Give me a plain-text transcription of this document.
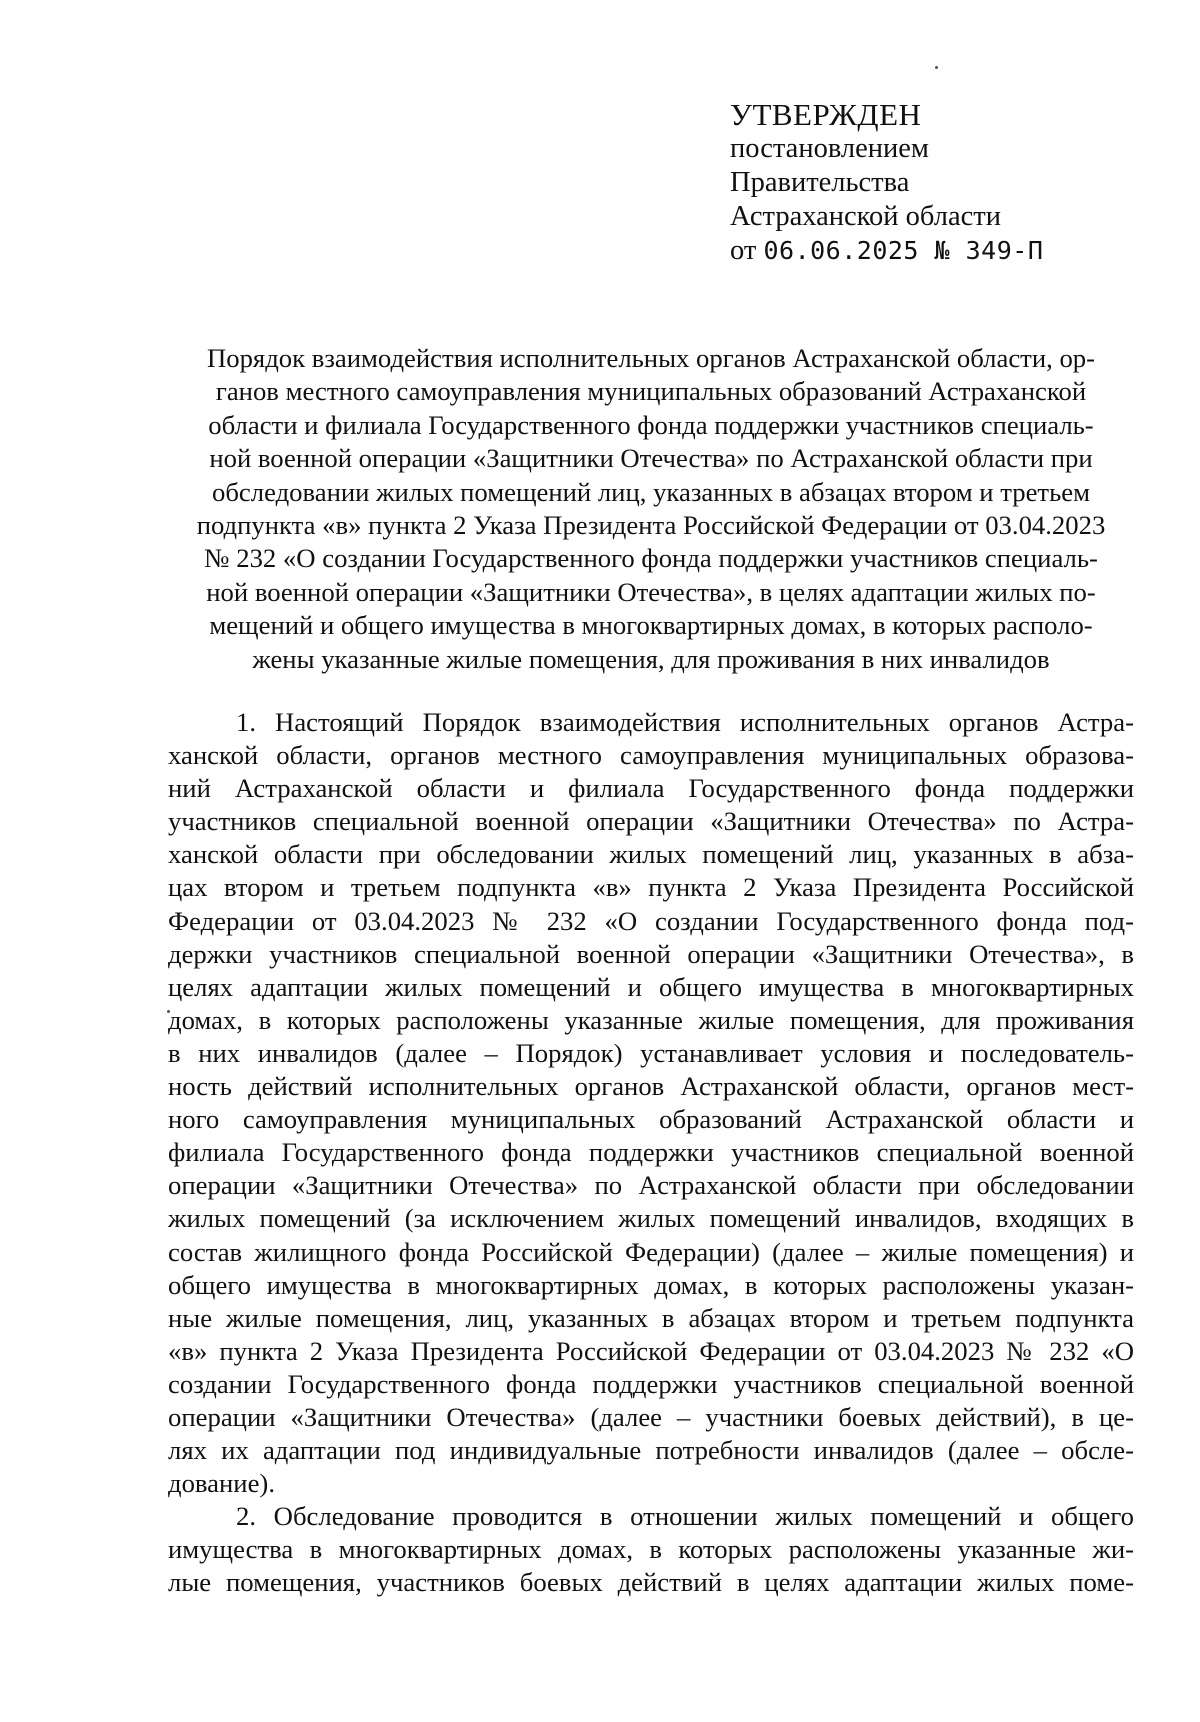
УТВЕРЖДЕН
постановлением
Правительства
Астраханской области
от 06.06.2025 № 349-П
Порядок взаимодействия исполнительных органов Астраханской области, ор-
ганов местного самоуправления муниципальных образований Астраханской
области и филиала Государственного фонда поддержки участников специаль-
ной военной операции «Защитники Отечества» по Астраханской области при
обследовании жилых помещений лиц, указанных в абзацах втором и третьем
подпункта «в» пункта 2 Указа Президента Российской Федерации от 03.04.2023
№ 232 «О создании Государственного фонда поддержки участников специаль-
ной военной операции «Защитники Отечества», в целях адаптации жилых по-
мещений и общего имущества в многоквартирных домах, в которых располо-
жены указанные жилые помещения, для проживания в них инвалидов
1. Настоящий Порядок взаимодействия исполнительных органов Астра-
ханской области, органов местного самоуправления муниципальных образова-
ний Астраханской области и филиала Государственного фонда поддержки
участников специальной военной операции «Защитники Отечества» по Астра-
ханской области при обследовании жилых помещений лиц, указанных в абза-
цах втором и третьем подпункта «в» пункта 2 Указа Президента Российской
Федерации от 03.04.2023 № 232 «О создании Государственного фонда под-
держки участников специальной военной операции «Защитники Отечества», в
целях адаптации жилых помещений и общего имущества в многоквартирных
домах, в которых расположены указанные жилые помещения, для проживания
в них инвалидов (далее – Порядок) устанавливает условия и последователь-
ность действий исполнительных органов Астраханской области, органов мест-
ного самоуправления муниципальных образований Астраханской области и
филиала Государственного фонда поддержки участников специальной военной
операции «Защитники Отечества» по Астраханской области при обследовании
жилых помещений (за исключением жилых помещений инвалидов, входящих в
состав жилищного фонда Российской Федерации) (далее – жилые помещения) и
общего имущества в многоквартирных домах, в которых расположены указан-
ные жилые помещения, лиц, указанных в абзацах втором и третьем подпункта
«в» пункта 2 Указа Президента Российской Федерации от 03.04.2023 № 232 «О
создании Государственного фонда поддержки участников специальной военной
операции «Защитники Отечества» (далее – участники боевых действий), в це-
лях их адаптации под индивидуальные потребности инвалидов (далее – обсле-
дование).
2. Обследование проводится в отношении жилых помещений и общего
имущества в многоквартирных домах, в которых расположены указанные жи-
лые помещения, участников боевых действий в целях адаптации жилых поме-
